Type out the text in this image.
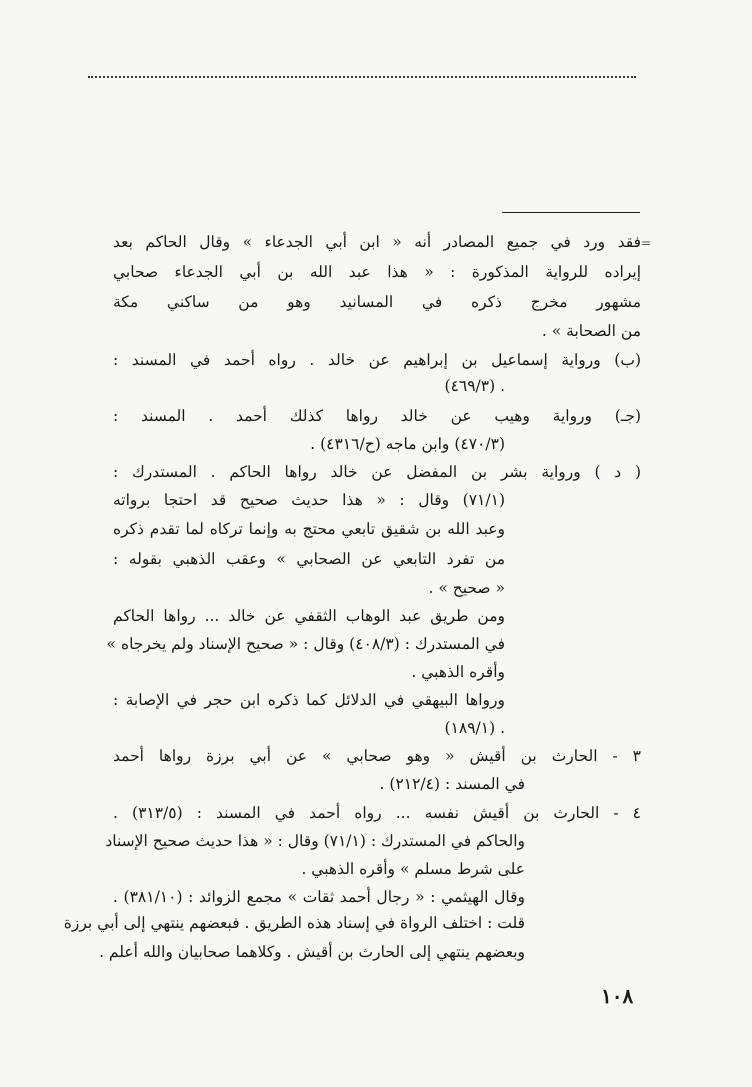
=
فقد ورد في جميع المصادر أنه « ابن أبي الجدعاء » وقال الحاكم بعد
إيراده للرواية المذكورة : « هذا عبد الله بن أبي الجدعاء صحابي
مشهور مخرج ذكره في المسانيد وهو من ساكني مكة
من الصحابة » .
(ب) ورواية إسماعيل بن إبراهيم عن خالد . رواه أحمد في المسند :
. (٤٦٩/٣)
(جـ) ورواية وهيب عن خالد رواها كذلك أحمد . المسند :
(٤٧٠/٣) وابن ماجه (ح/٤٣١٦) .
( د ) ورواية بشر بن المفضل عن خالد رواها الحاكم . المستدرك :
(٧١/١) وقال : « هذا حديث صحيح قد احتجا برواته
وعبد الله بن شقيق تابعي محتج به وإنما تركاه لما تقدم ذكره
من تفرد التابعي عن الصحابي » وعقب الذهبي بقوله :
« صحيح » .
ومن طريق عبد الوهاب الثقفي عن خالد ... رواها الحاكم
في المستدرك : (٤٠٨/٣) وقال : « صحيح الإسناد ولم يخرجاه »
وأقره الذهبي .
ورواها البيهقي في الدلائل كما ذكره ابن حجر في الإصابة :
. (١٨٩/١)
٣ - الحارث بن أقيش « وهو صحابي » عن أبي برزة رواها أحمد
في المسند : (٢١٢/٤) .
٤ - الحارث بن أقيش نفسه ... رواه أحمد في المسند : (٣١٣/٥) .
والحاكم في المستدرك : (٧١/١) وقال : « هذا حديث صحيح الإسناد
على شرط مسلم » وأقره الذهبي .
وقال الهيثمي : « رجال أحمد ثقات » مجمع الزوائد : (٣٨١/١٠) .
قلت : اختلف الرواة في إسناد هذه الطريق . فبعضهم ينتهي إلى أبي برزة
وبعضهم ينتهي إلى الحارث بن أقيش . وكلاهما صحابيان والله أعلم .
١٠٨
